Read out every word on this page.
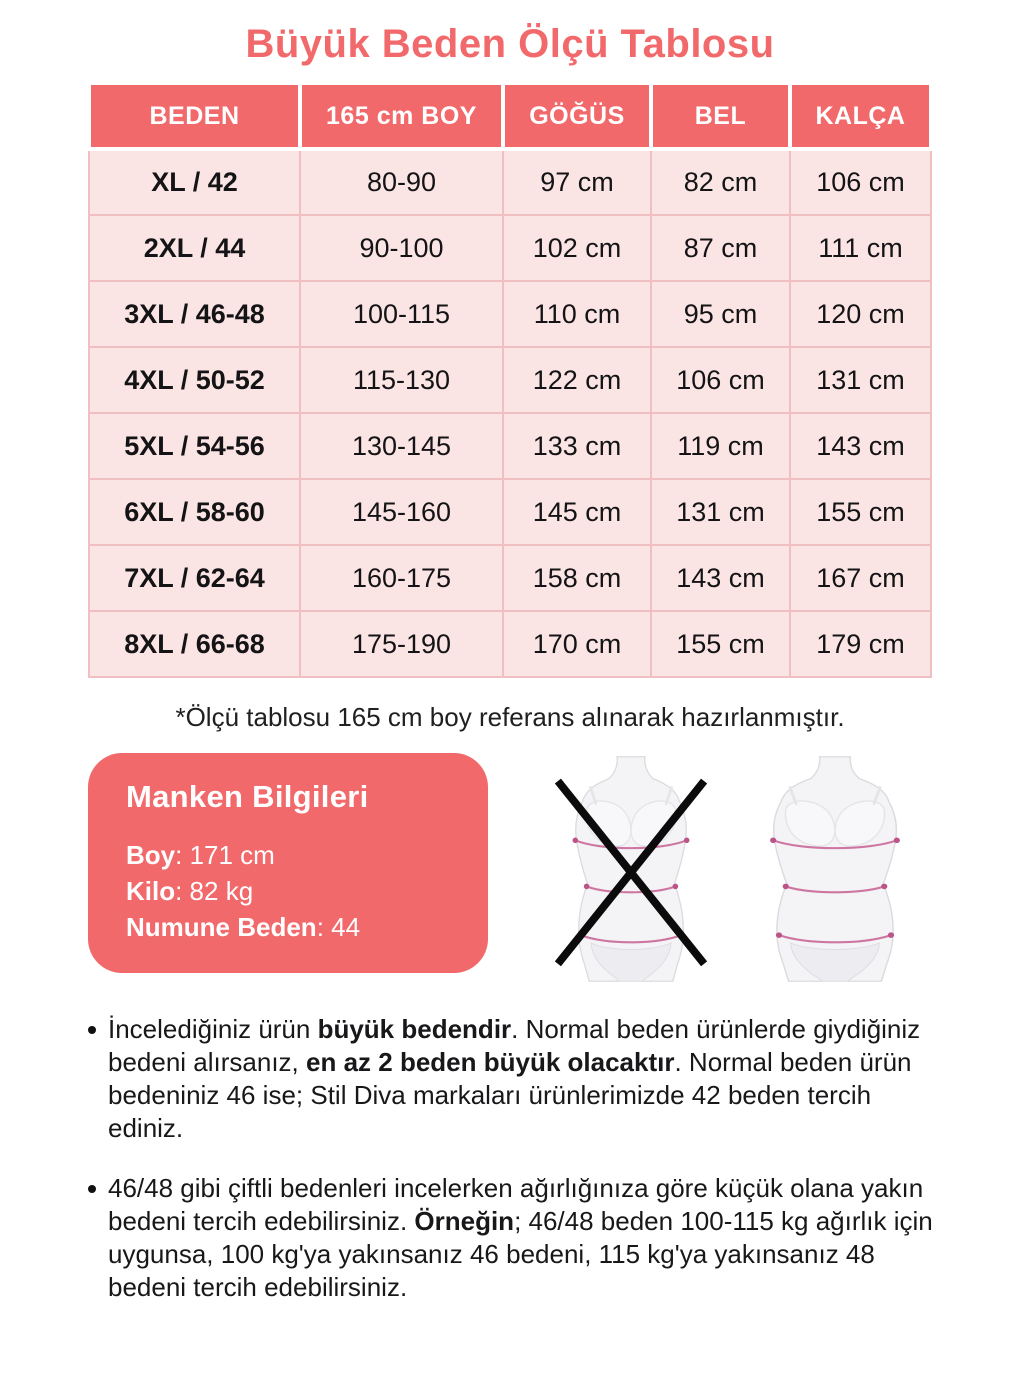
Büyük Beden Ölçü Tablosu
BEDEN	165 cm BOY	GÖĞÜS	BEL	KALÇA
XL / 42	80-90	97 cm	82 cm	106 cm
2XL / 44	90-100	102 cm	87 cm	111 cm
3XL / 46-48	100-115	110 cm	95 cm	120 cm
4XL / 50-52	115-130	122 cm	106 cm	131 cm
5XL / 54-56	130-145	133 cm	119 cm	143 cm
6XL / 58-60	145-160	145 cm	131 cm	155 cm
7XL / 62-64	160-175	158 cm	143 cm	167 cm
8XL / 66-68	175-190	170 cm	155 cm	179 cm

*Ölçü tablosu 165 cm boy referans alınarak hazırlanmıştır.

Manken Bilgileri

Boy: 171 cm

Kilo: 82 kg

Numune Beden: 44

İncelediğiniz ürün büyük bedendir. Normal beden ürünlerde giydiğiniz bedeni alırsanız, en az 2 beden büyük olacaktır. Normal beden ürün bedeniniz 46 ise; Stil Diva markaları ürünlerimizde 42 beden tercih ediniz.
46/48 gibi çiftli bedenleri incelerken ağırlığınıza göre küçük olana yakın bedeni tercih edebilirsiniz. Örneğin; 46/48 beden 100-115 kg ağırlık için uygunsa, 100 kg'ya yakınsanız 46 bedeni, 115 kg'ya yakınsanız 48 bedeni tercih edebilirsiniz.
